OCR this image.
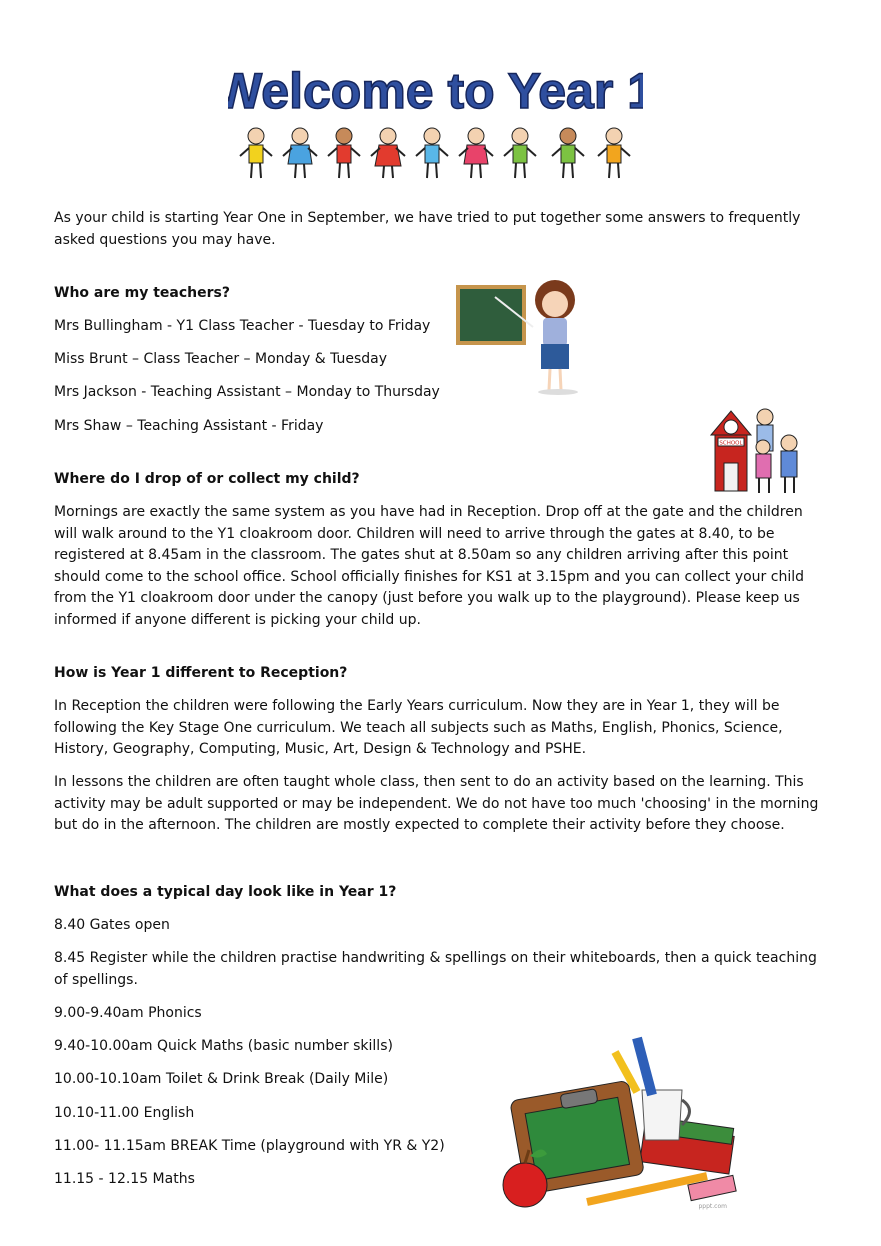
Welcome to Year 1
As your child is starting Year One in September, we have tried to put together some answers to frequently asked questions you may have.
Who are my teachers?
Mrs Bullingham - Y1 Class Teacher - Tuesday to Friday
Miss Brunt – Class Teacher – Monday & Tuesday
Mrs Jackson - Teaching Assistant – Monday to Thursday
Mrs Shaw – Teaching Assistant - Friday
SCHOOL
Where do I drop of or collect my child?
Mornings are exactly the same system as you have had in Reception. Drop off at the gate and the children will walk around to the Y1 cloakroom door. Children will need to arrive through the gates at 8.40, to be registered at 8.45am in the classroom. The gates shut at 8.50am so any children arriving after this point should come to the school office. School officially finishes for KS1 at 3.15pm and you can collect your child from the Y1 cloakroom door under the canopy (just before you walk up to the playground). Please keep us informed if anyone different is picking your child up.
How is Year 1 different to Reception?
In Reception the children were following the Early Years curriculum. Now they are in Year 1, they will be following the Key Stage One curriculum. We teach all subjects such as Maths, English, Phonics, Science, History, Geography, Computing, Music, Art, Design & Technology and PSHE.
In lessons the children are often taught whole class, then sent to do an activity based on the learning. This activity may be adult supported or may be independent. We do not have too much 'choosing' in the morning but do in the afternoon. The children are mostly expected to complete their activity before they choose.
What does a typical day look like in Year 1?
8.40 Gates open
8.45 Register while the children practise handwriting & spellings on their whiteboards, then a quick teaching of spellings.
9.00-9.40am Phonics
9.40-10.00am Quick Maths (basic number skills)
10.00-10.10am Toilet & Drink Break (Daily Mile)
10.10-11.00 English
11.00- 11.15am BREAK Time (playground with YR & Y2)
11.15 - 12.15 Maths
pppt.com
